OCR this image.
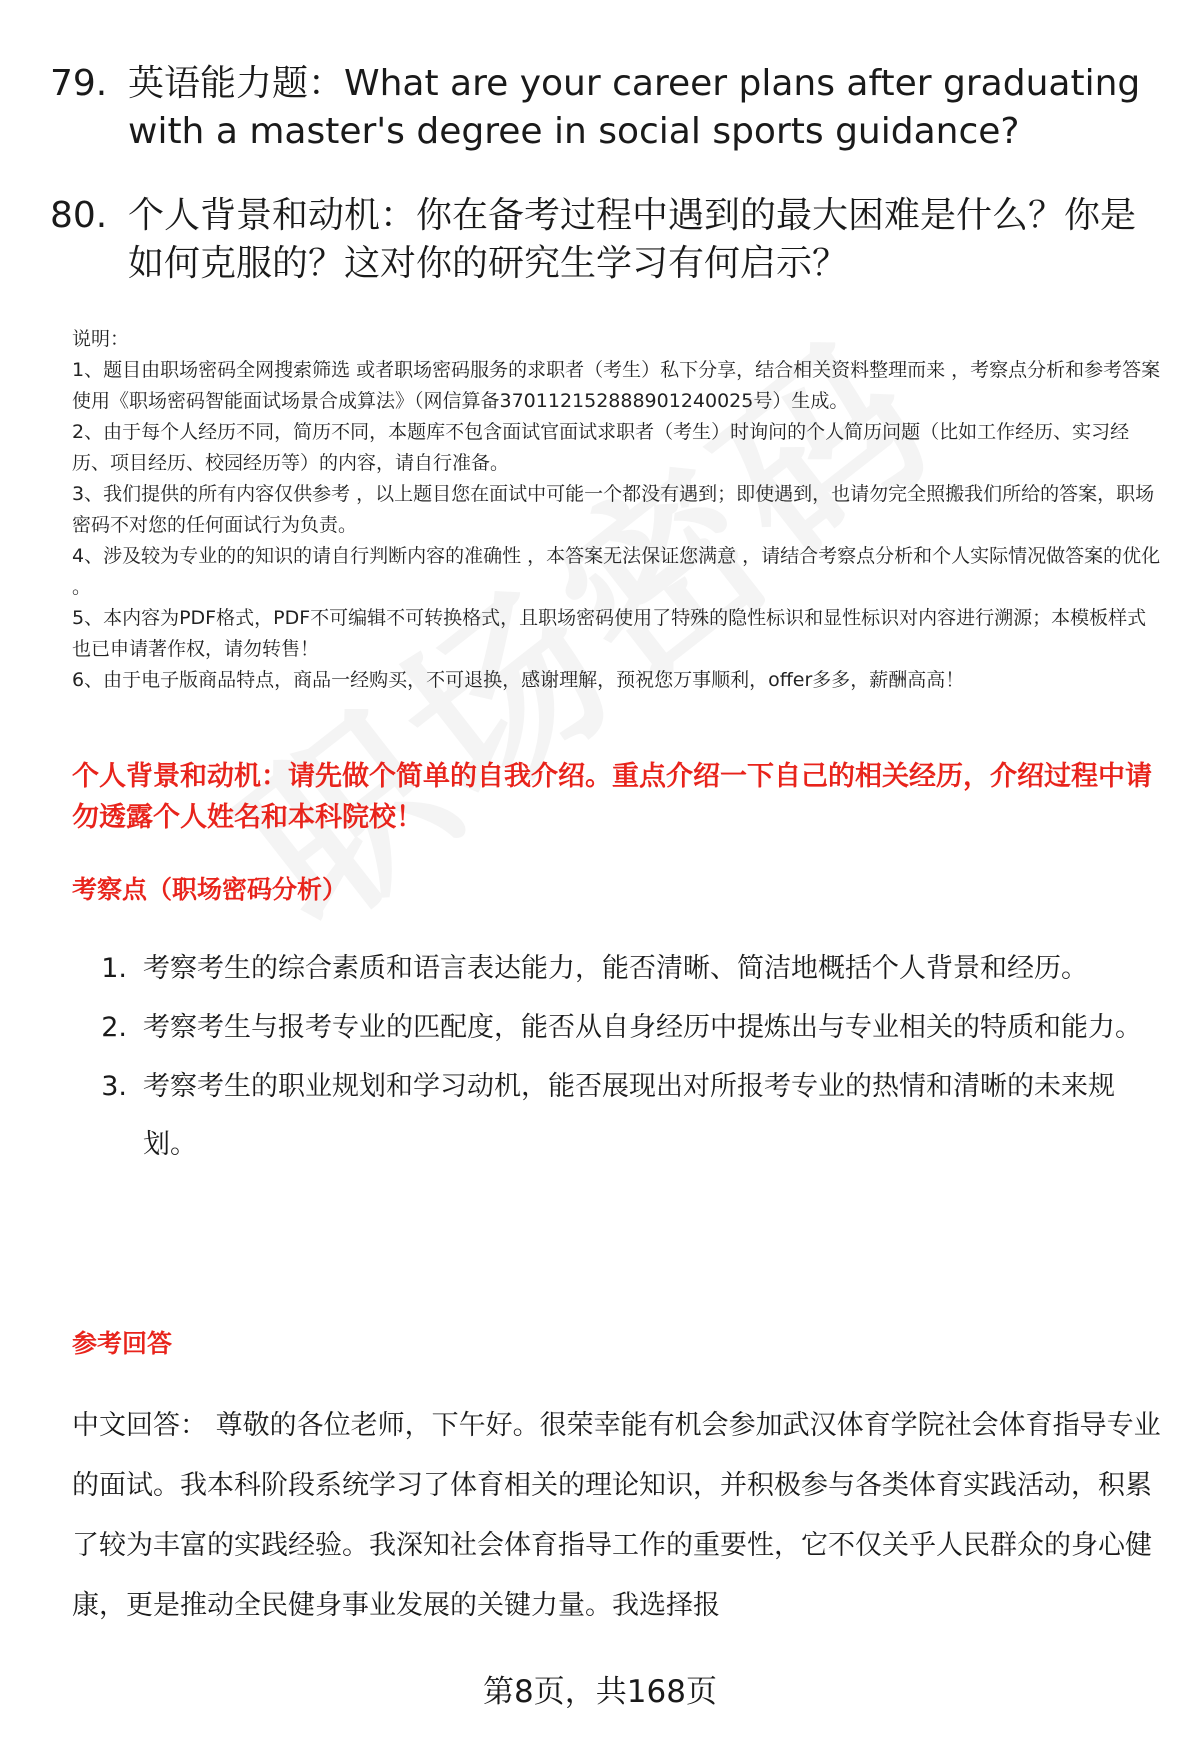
79. 英语能力题：What are your career plans after graduating with a master's degree in social sports guidance?
80. 个人背景和动机：你在备考过程中遇到的最大困难是什么？你是如何克服的？这对你的研究生学习有何启示？
说明：
1、题目由职场密码全网搜索筛选 或者职场密码服务的求职者（考生）私下分享，结合相关资料整理而来 ，考察点分析和参考答案使用《职场密码智能面试场景合成算法》（网信算备370112152888901240025号）生成。
2、由于每个人经历不同，简历不同，本题库不包含面试官面试求职者（考生）时询问的个人简历问题（比如工作经历、实习经历、项目经历、校园经历等）的内容，请自行准备。
3、我们提供的所有内容仅供参考 ，以上题目您在面试中可能一个都没有遇到；即使遇到，也请勿完全照搬我们所给的答案，职场密码不对您的任何面试行为负责。
4、涉及较为专业的的知识的请自行判断内容的准确性 ，本答案无法保证您满意 ，请结合考察点分析和个人实际情况做答案的优化 。
5、本内容为PDF格式，PDF不可编辑不可转换格式，且职场密码使用了特殊的隐性标识和显性标识对内容进行溯源；本模板样式也已申请著作权，请勿转售！
6、由于电子版商品特点，商品一经购买，不可退换，感谢理解，预祝您万事顺利，offer多多，薪酬高高！
个人背景和动机：请先做个简单的自我介绍。重点介绍一下自己的相关经历，介绍过程中请勿透露个人姓名和本科院校！
考察点（职场密码分析）
1. 考察考生的综合素质和语言表达能力，能否清晰、简洁地概括个人背景和经历。
2. 考察考生与报考专业的匹配度，能否从自身经历中提炼出与专业相关的特质和能力。
3. 考察考生的职业规划和学习动机，能否展现出对所报考专业的热情和清晰的未来规划。
参考回答
中文回答： 尊敬的各位老师，下午好。很荣幸能有机会参加武汉体育学院社会体育指导专业的面试。我本科阶段系统学习了体育相关的理论知识，并积极参与各类体育实践活动，积累了较为丰富的实践经验。我深知社会体育指导工作的重要性，它不仅关乎人民群众的身心健康，更是推动全民健身事业发展的关键力量。我选择报
第8页，共168页
